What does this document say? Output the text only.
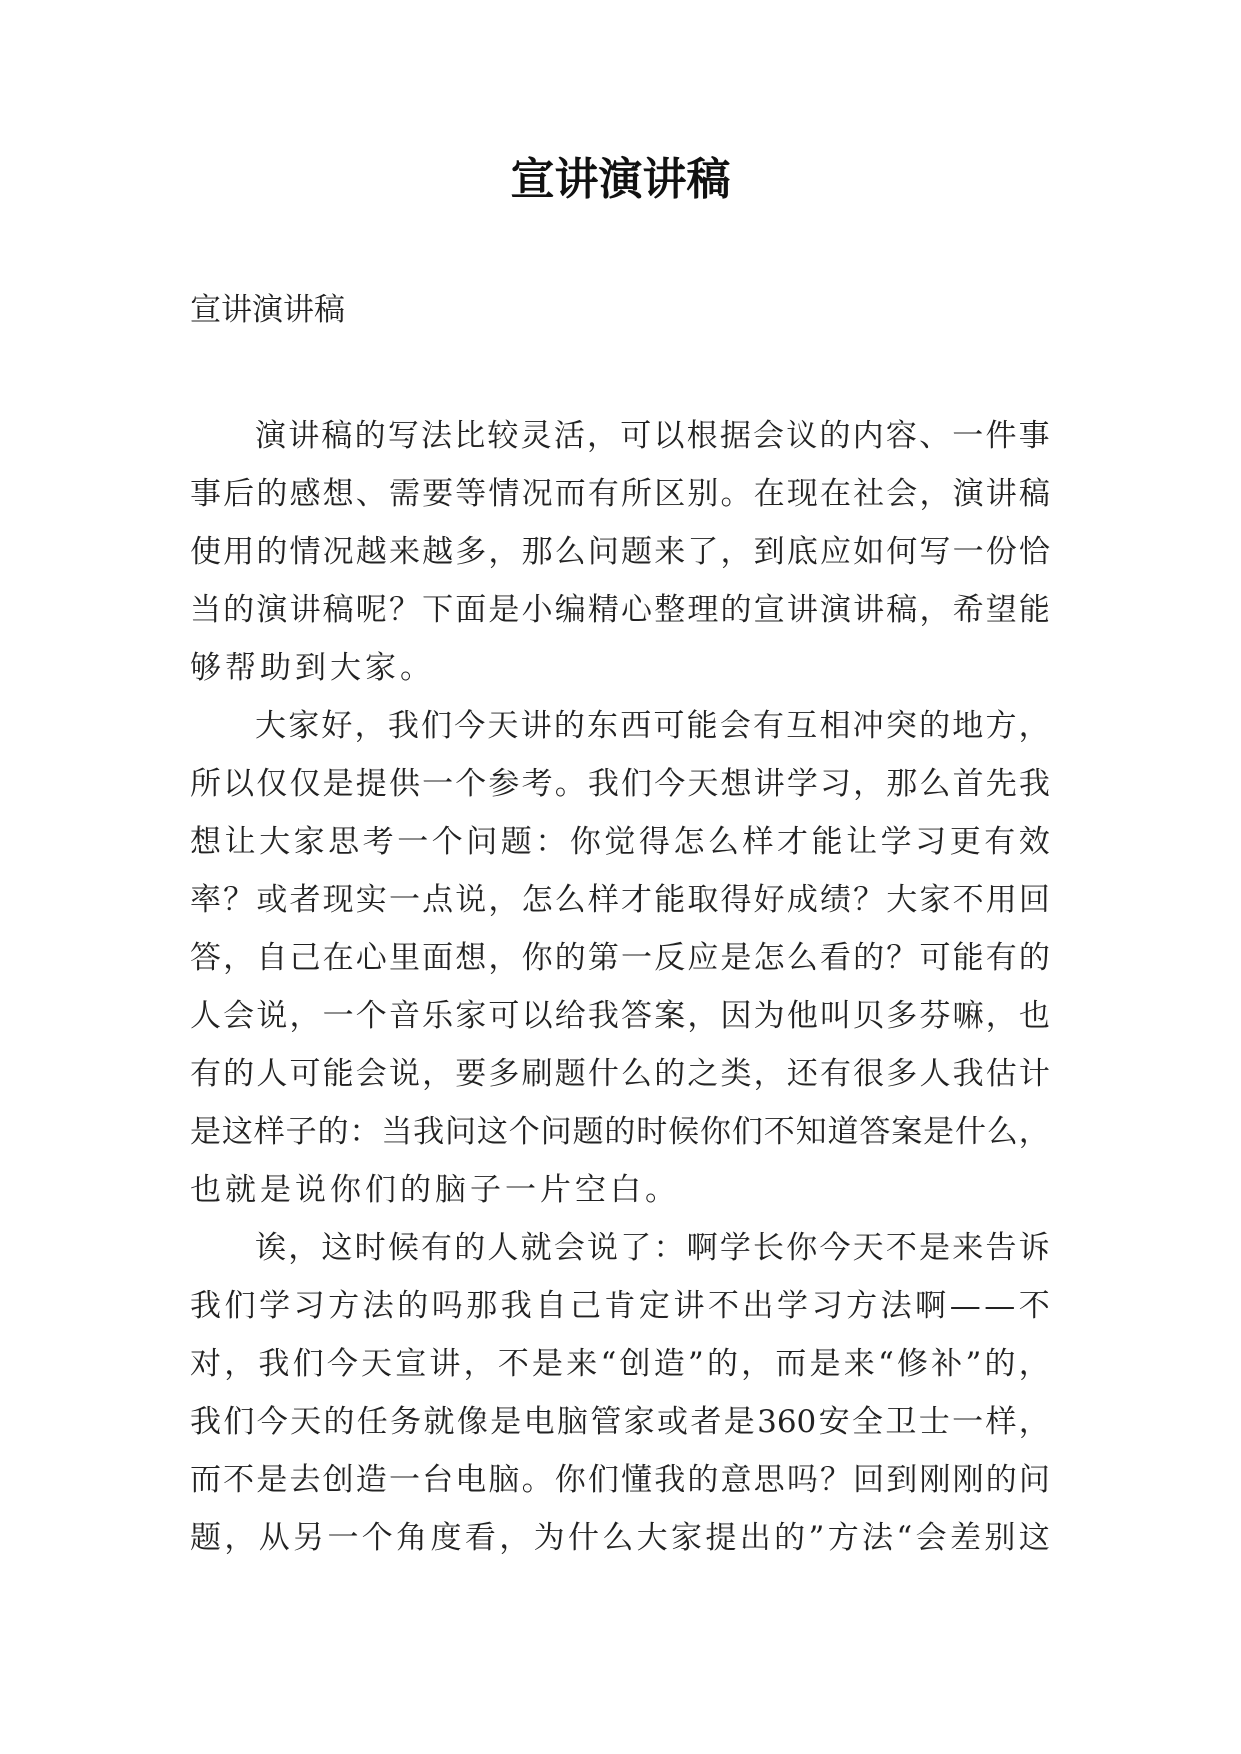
宣讲演讲稿

宣讲演讲稿

演 讲 稿 的 写 法 比 较 灵 活 ， 可 以 根 据 会 议 的 内 容 、 一 件 事
事 后 的 感 想 、 需 要 等 情 况 而 有 所 区 别 。 在 现 在 社 会 ， 演 讲 稿
使 用 的 情 况 越 来 越 多 ， 那 么 问 题 来 了 ， 到 底 应 如 何 写 一 份 恰
当 的 演 讲 稿 呢 ？ 下 面 是 小 编 精 心 整 理 的 宣 讲 演 讲 稿 ， 希 望 能
够帮助到大家。
大 家 好 ， 我 们 今 天 讲 的 东 西 可 能 会 有 互 相 冲 突 的 地 方 ，
所 以 仅 仅 是 提 供 一 个 参 考 。 我 们 今 天 想 讲 学 习 ， 那 么 首 先 我
想 让 大 家 思 考 一 个 问 题 ： 你 觉 得 怎 么 样 才 能 让 学 习 更 有 效
率 ？ 或 者 现 实 一 点 说 ， 怎 么 样 才 能 取 得 好 成 绩 ？ 大 家 不 用 回
答 ， 自 己 在 心 里 面 想 ， 你 的 第 一 反 应 是 怎 么 看 的 ？ 可 能 有 的
人 会 说 ， 一 个 音 乐 家 可 以 给 我 答 案 ， 因 为 他 叫 贝 多 芬 嘛 ， 也
有 的 人 可 能 会 说 ， 要 多 刷 题 什 么 的 之 类 ， 还 有 很 多 人 我 估 计
是 这 样 子 的 ： 当 我 问 这 个 问 题 的 时 候 你 们 不 知 道 答 案 是 什 么 ，
也就是说你们的脑子一片空白。
诶 ， 这 时 候 有 的 人 就 会 说 了 ： 啊 学 长 你 今 天 不 是 来 告 诉
我 们 学 习 方 法 的 吗 那 我 自 己 肯 定 讲 不 出 学 习 方 法 啊 — — 不
对 ， 我 们 今 天 宣 讲 ， 不 是 来 “ 创 造 ” 的 ， 而 是 来 “ 修 补 ” 的 ，
我 们 今 天 的 任 务 就 像 是 电 脑 管 家 或 者 是 360 安 全 卫 士 一 样 ，
而 不 是 去 创 造 一 台 电 脑 。 你 们 懂 我 的 意 思 吗 ？ 回 到 刚 刚 的 问
题 ， 从 另 一 个 角 度 看 ， 为 什 么 大 家 提 出 的 ” 方 法 “ 会 差 别 这
